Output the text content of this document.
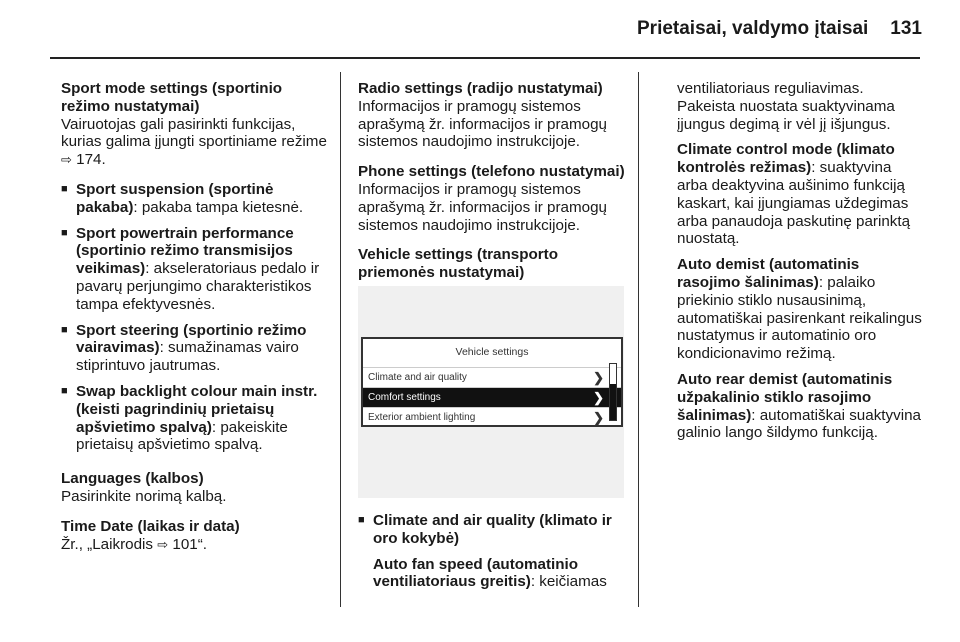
Prietaisai, valdymo įtaisai 131
Sport mode settings (sportinio režimo nustatymai)

Vairuotojas gali pasirinkti funkcijas, kurias galima įjungti sportiniame režime ⇨ 174.

■ Sport suspension (sportinė pakaba): pakaba tampa kietesnė.
■ Sport powertrain performance (sportinio režimo transmisijos veikimas): akseleratoriaus pedalo ir pavarų perjungimo charakteristikos tampa efektyvesnės.
■ Sport steering (sportinio režimo vairavimas): sumažinamas vairo stiprintuvo jautrumas.
■ Swap backlight colour main instr. (keisti pagrindinių prietaisų apšvietimo spalvą): pakeiskite prietaisų apšvietimo spalvą.
Languages (kalbos)

Pasirinkite norimą kalbą.

Time Date (laikas ir data)

Žr., „Laikrodis ⇨ 101“.

Radio settings (radijo nustatymai)

Informacijos ir pramogų sistemos aprašymą žr. informacijos ir pramogų sistemos naudojimo instrukcijoje.

Phone settings (telefono nustatymai)

Informacijos ir pramogų sistemos aprašymą žr. informacijos ir pramogų sistemos naudojimo instrukcijoje.

Vehicle settings (transporto priemonės nustatymai)
Vehicle settings
Climate and air quality	❯
Comfort settings	❯
Exterior ambient lighting	❯
■ Climate and air quality (klimato ir oro kokybė)

Auto fan speed (automatinio ventiliatoriaus greitis): keičiamas

ventiliatoriaus reguliavimas. Pakeista nuostata suaktyvinama įjungus degimą ir vėl jį išjungus.

Climate control mode (klimato kontrolės režimas): suaktyvina arba deaktyvina aušinimo funkciją kaskart, kai įjungiamas uždegimas arba panaudoja paskutinę parinktą nuostatą.

Auto demist (automatinis rasojimo šalinimas): palaiko priekinio stiklo nusausinimą, automatiškai pasirenkant reikalingus nustatymus ir automatinio oro kondicionavimo režimą.

Auto rear demist (automatinis užpakalinio stiklo rasojimo šalinimas): automatiškai suaktyvina galinio lango šildymo funkciją.
